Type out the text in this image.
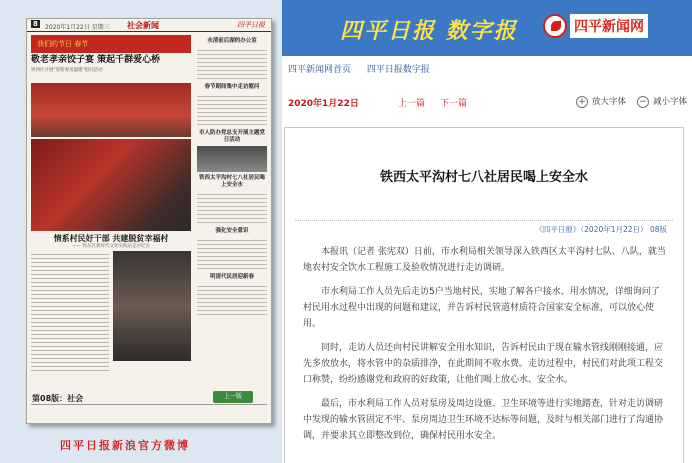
8	2020年1月22日 星期三 社会新闻	四平日报
我们的节日 春节
敬老孝亲饺子宴 策起千群爱心桥
铁西区开展"迎新春送温暖"慰问活动
情系村民好干部 共建脱贫幸福村
—— 铁东区新时代文明实践站走访纪实
永清前后湖的办公室
春节期间集中走访慰问
市人防办党总支开展主题党日活动
铁西太平沟村七八社居民喝上安全水
强化安全意识
明清代民居迎新春
第08版：社会	上一版
四平日报新浪官方微博
四平日报 数字报	四平新闻网
四平新闻网首页 四平日报数字报
2020年1月22日	上一篇 下一篇	+ 放大字体 − 减小字体
铁西太平沟村七八社居民喝上安全水
《四平日报》（2020年1月22日） 08版

本报讯（记者 张宪双）日前，市水利局相关领导深入铁西区太平沟村七队、八队，就当地农村安全饮水工程施工及验收情况进行走访调研。

市水利局工作人员先后走访5户当地村民，实地了解各户接水、用水情况，详细询问了村民用水过程中出现的问题和建议，并告诉村民管道材质符合国家安全标准，可以放心使用。

同时，走访人员还向村民讲解安全用水知识，告诉村民由于现在输水管线刚刚接通，应先多放放水，将水管中的杂质排净，在此期间不收水费。走访过程中，村民们对此项工程交口称赞，纷纷感谢党和政府的好政策，让他们喝上放心水、安全水。

最后，市水利局工作人员对泵房及周边设施、卫生环境等进行实地踏查，针对走访调研中发现的输水管固定不牢、泵房周边卫生环境不达标等问题，及时与相关部门进行了沟通协调，并要求其立即整改到位，确保村民用水安全。
